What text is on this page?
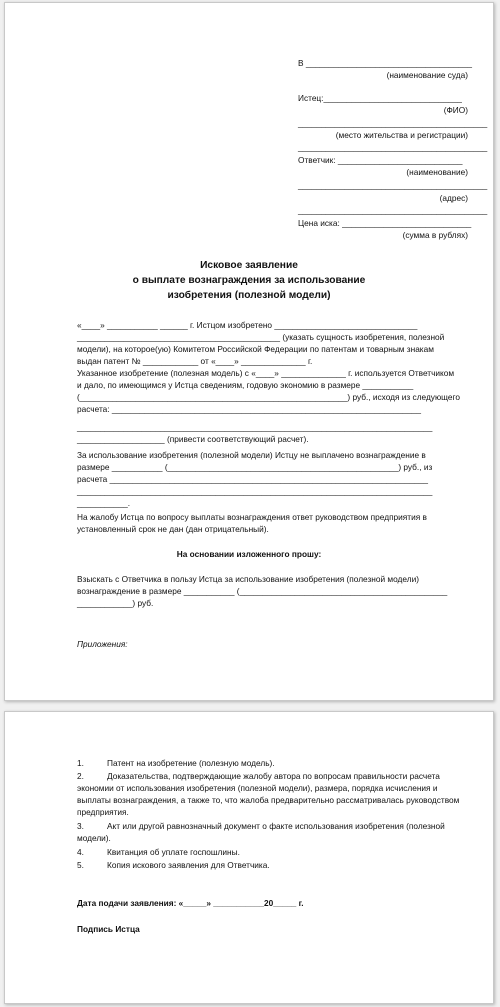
В ____________________________________

(наименование суда)

Истец:______________________________

(ФИО)

_________________________________________

(место жительства и регистрации)

_________________________________________

Ответчик: ___________________________

(наименование)

_________________________________________

(адрес)

_________________________________________

Цена иска: ____________________________

(сумма в рублях)

Исковое заявление

о выплате вознаграждения за использование

изобретения (полезной модели)

«____» ___________ ______ г. Истцом изобретено _______________________________

____________________________________________ (указать сущность изобретения, полезной

модели), на которое(ую) Комитетом Российской Федерации по патентам и товарным знакам

выдан патент № ____________ от «____» ______________ г.

Указанное изобретение (полезная модель) с «____» ______________ г. используется Ответчиком

и дало, по имеющимся у Истца сведениям, годовую экономию в размере ___________

(__________________________________________________________) руб., исходя из следующего

расчета: ___________________________________________________________________

_____________________________________________________________________________

___________________ (привести соответствующий расчет).

За использование изобретения (полезной модели) Истцу не выплачено вознаграждение в

размере ___________ (__________________________________________________) руб., из

расчета _____________________________________________________________________

_____________________________________________________________________________

___________.

На жалобу Истца по вопросу выплаты вознаграждения ответ руководством предприятия в

установленный срок не дан (дан отрицательный).

На основании изложенного прошу:

Взыскать с Ответчика в пользу Истца за использование изобретения (полезной модели)

вознаграждение в размере ___________ (_____________________________________________

____________) руб.

Приложения:

1.	Патент на изобретение (полезную модель).

2.	Доказательства, подтверждающие жалобу автора по вопросам правильности расчета

экономии от использования изобретения (полезной модели), размера, порядка исчисления и

выплаты вознаграждения, а также то, что жалоба предварительно рассматривалась руководством

предприятия.

3.	Акт или другой равнозначный документ о факте использования изобретения (полезной

модели).

4.	Квитанция об уплате госпошлины.

5.	Копия искового заявления для Ответчика.

Дата подачи заявления: «_____» ___________20_____ г.

Подпись Истца
